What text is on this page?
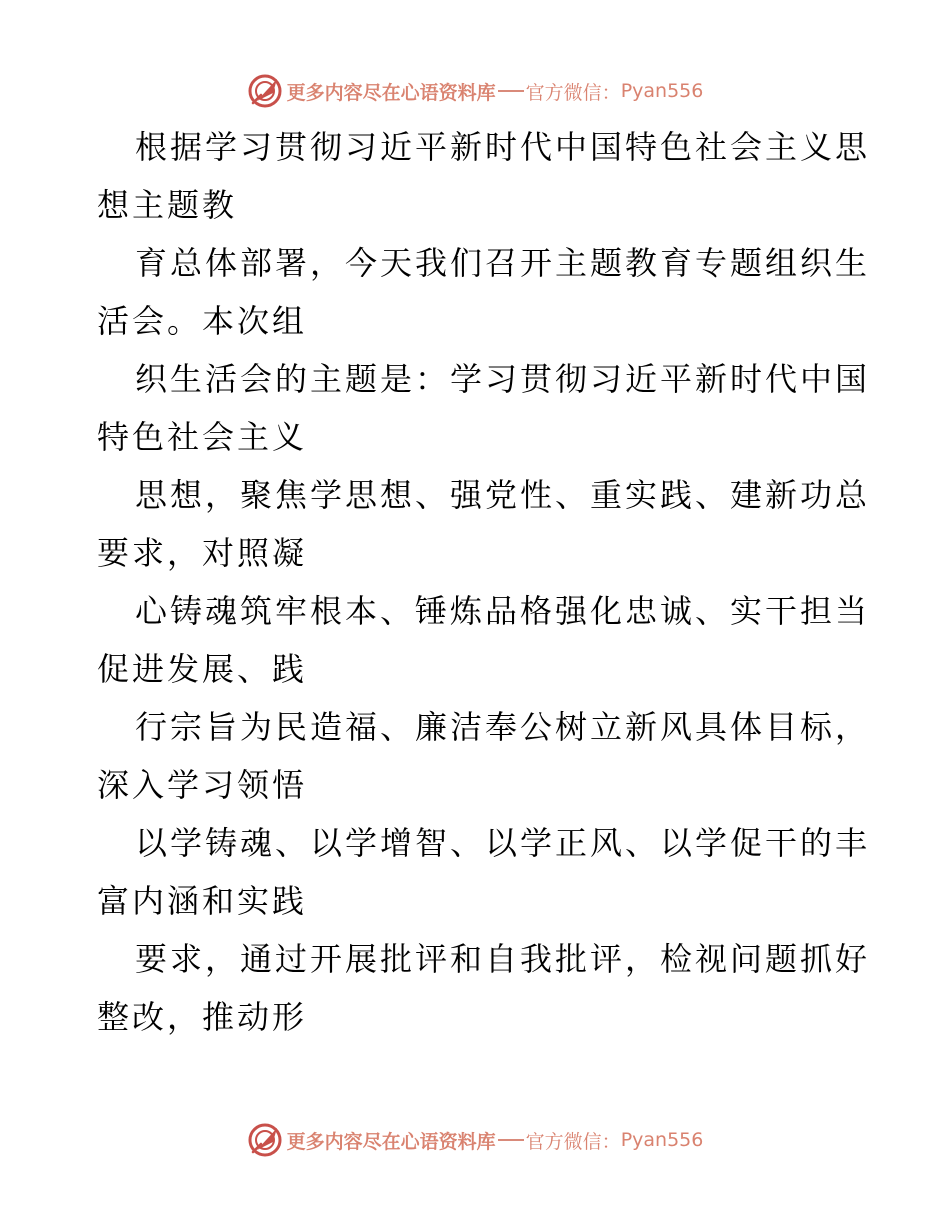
更多内容尽在心语资料库 官方微信： Pyan556
根据学习贯彻习近平新时代中国特色社会主义思
想主题教
育总体部署，今天我们召开主题教育专题组织生
活会。本次组
织生活会的主题是：学习贯彻习近平新时代中国
特色社会主义
思想，聚焦学思想、强党性、重实践、建新功总
要求，对照凝
心铸魂筑牢根本、锤炼品格强化忠诚、实干担当
促进发展、践
行宗旨为民造福、廉洁奉公树立新风具体目标，
深入学习领悟
以学铸魂、以学增智、以学正风、以学促干的丰
富内涵和实践
要求，通过开展批评和自我批评，检视问题抓好
整改，推动形
更多内容尽在心语资料库 官方微信： Pyan556
